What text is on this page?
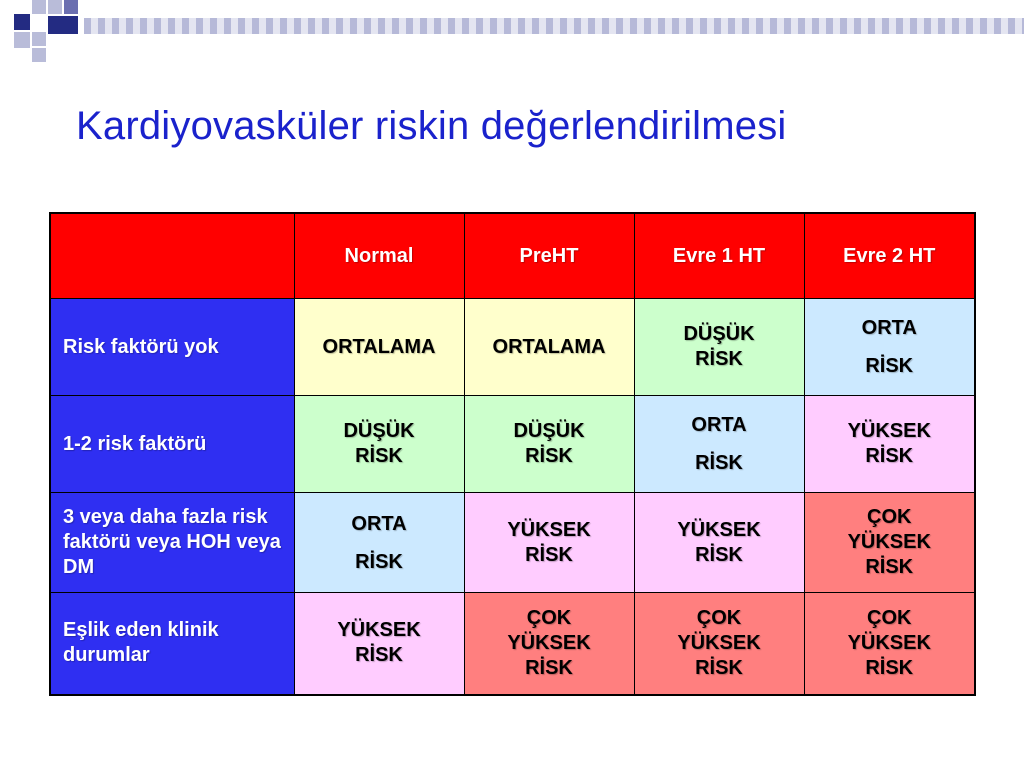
Kardiyovasküler riskin değerlendirilmesi
	Normal	PreHT	Evre 1 HT	Evre 2 HT
Risk faktörü yok	ORTALAMA	ORTALAMA	DÜŞÜK RİSK	ORTA RİSK
1-2 risk faktörü	DÜŞÜK RİSK	DÜŞÜK RİSK	ORTA RİSK	YÜKSEK RİSK
3 veya daha fazla risk faktörü veya HOH veya DM	ORTA RİSK	YÜKSEK RİSK	YÜKSEK RİSK	ÇOK YÜKSEK RİSK
Eşlik eden klinik durumlar	YÜKSEK RİSK	ÇOK YÜKSEK RİSK	ÇOK YÜKSEK RİSK	ÇOK YÜKSEK RİSK
